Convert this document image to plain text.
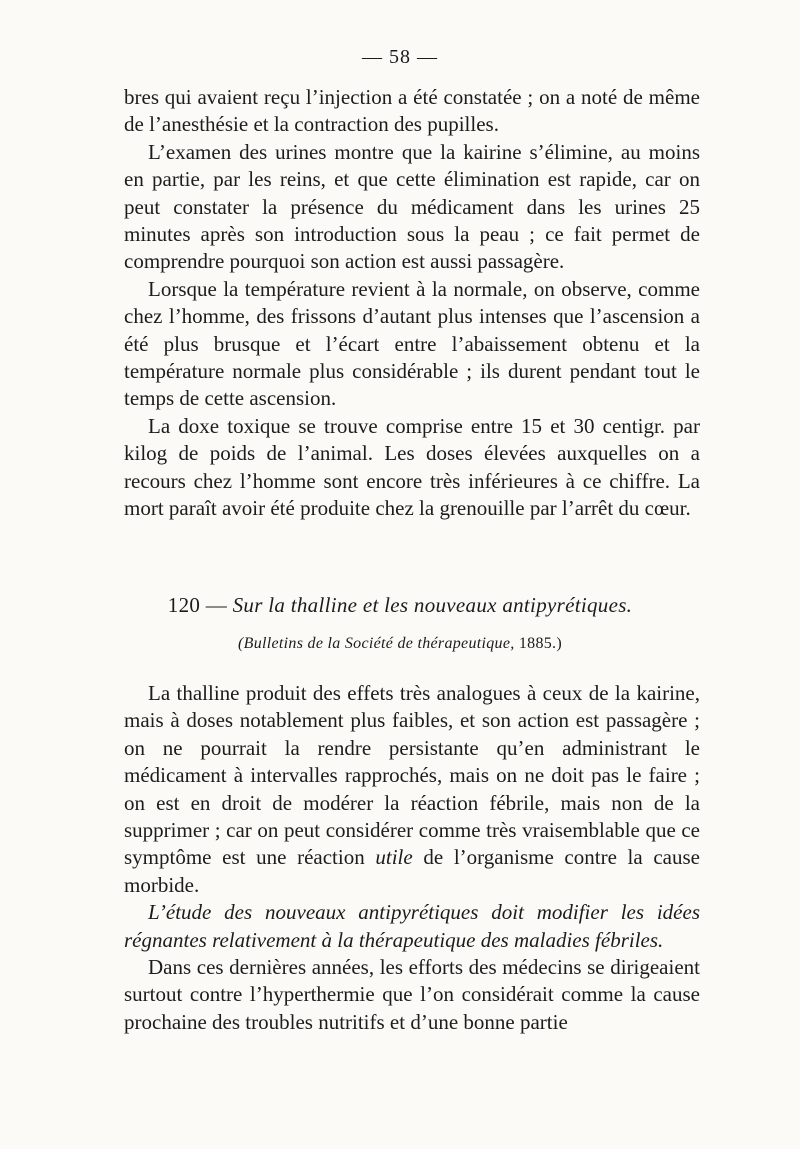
— 58 —

bres qui avaient reçu l’injection a été constatée ; on a noté de même de l’anesthésie et la contraction des pupilles.

L’examen des urines montre que la kairine s’élimine, au moins en partie, par les reins, et que cette élimination est rapide, car on peut constater la présence du médicament dans les urines 25 minutes après son introduction sous la peau ; ce fait permet de comprendre pourquoi son action est aussi passagère.

Lorsque la température revient à la normale, on observe, comme chez l’homme, des frissons d’autant plus intenses que l’ascension a été plus brusque et l’écart entre l’abaissement obtenu et la température normale plus considérable ; ils durent pendant tout le temps de cette ascension.

La doxe toxique se trouve comprise entre 15 et 30 centigr. par kilog de poids de l’animal. Les doses élevées auxquelles on a recours chez l’homme sont encore très inférieures à ce chiffre. La mort paraît avoir été produite chez la grenouille par l’arrêt du cœur.

120 — Sur la thalline et les nouveaux antipyrétiques.
(Bulletins de la Société de thérapeutique, 1885.)

La thalline produit des effets très analogues à ceux de la kairine, mais à doses notablement plus faibles, et son action est passagère ; on ne pourrait la rendre persistante qu’en administrant le médicament à intervalles rapprochés, mais on ne doit pas le faire ; on est en droit de modérer la réaction fébrile, mais non de la supprimer ; car on peut considérer comme très vraisemblable que ce symptôme est une réaction utile de l’organisme contre la cause morbide.

L’étude des nouveaux antipyrétiques doit modifier les idées régnantes relativement à la thérapeutique des maladies fébriles.

Dans ces dernières années, les efforts des médecins se dirigeaient surtout contre l’hyperthermie que l’on considérait comme la cause prochaine des troubles nutritifs et d’une bonne partie
